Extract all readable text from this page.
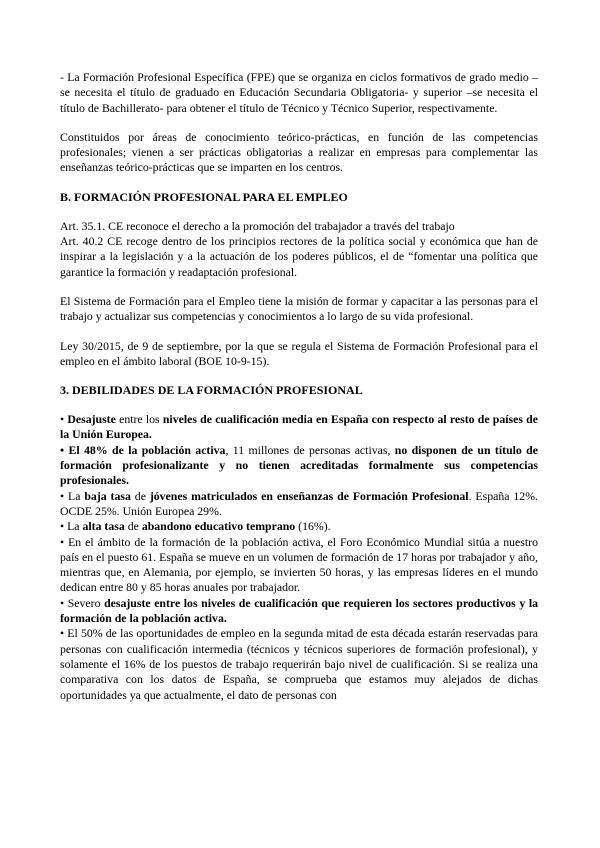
- La Formación Profesional Específica (FPE) que se organiza en ciclos formativos de grado medio –se necesita el título de graduado en Educación Secundaria Obligatoria- y superior –se necesita el título de Bachillerato- para obtener el título de Técnico y Técnico Superior, respectivamente.

Constituidos por áreas de conocimiento teórico-prácticas, en función de las competencias profesionales; vienen a ser prácticas obligatorias a realizar en empresas para complementar las enseñanzas teórico-prácticas que se imparten en los centros.

B. FORMACIÓN PROFESIONAL PARA EL EMPLEO

Art. 35.1. CE reconoce el derecho a la promoción del trabajador a través del trabajo

Art. 40.2 CE recoge dentro de los principios rectores de la política social y económica que han de inspirar a la legislación y a la actuación de los poderes públicos, el de “fomentar una política que garantice la formación y readaptación profesional.

El Sistema de Formación para el Empleo tiene la misión de formar y capacitar a las personas para el trabajo y actualizar sus competencias y conocimientos a lo largo de su vida profesional.

Ley 30/2015, de 9 de septiembre, por la que se regula el Sistema de Formación Profesional para el empleo en el ámbito laboral (BOE 10-9-15).

3. DEBILIDADES DE LA FORMACIÓN PROFESIONAL

• Desajuste entre los niveles de cualificación media en España con respecto al resto de países de la Unión Europea.

• El 48% de la población activa, 11 millones de personas activas, no disponen de un título de formación profesionalizante y no tienen acreditadas formalmente sus competencias profesionales.

• La baja tasa de jóvenes matriculados en enseñanzas de Formación Profesional. España 12%. OCDE 25%. Unión Europea 29%.

• La alta tasa de abandono educativo temprano (16%).

• En el ámbito de la formación de la población activa, el Foro Económico Mundial sitúa a nuestro país en el puesto 61. España se mueve en un volumen de formación de 17 horas por trabajador y año, mientras que, en Alemania, por ejemplo, se invierten 50 horas, y las empresas líderes en el mundo dedican entre 80 y 85 horas anuales por trabajador.

• Severo desajuste entre los niveles de cualificación que requieren los sectores productivos y la formación de la población activa.

• El 50% de las oportunidades de empleo en la segunda mitad de esta década estarán reservadas para personas con cualificación intermedia (técnicos y técnicos superiores de formación profesional), y solamente el 16% de los puestos de trabajo requerirán bajo nivel de cualificación. Si se realiza una comparativa con los datos de España, se comprueba que estamos muy alejados de dichas oportunidades ya que actualmente, el dato de personas con
